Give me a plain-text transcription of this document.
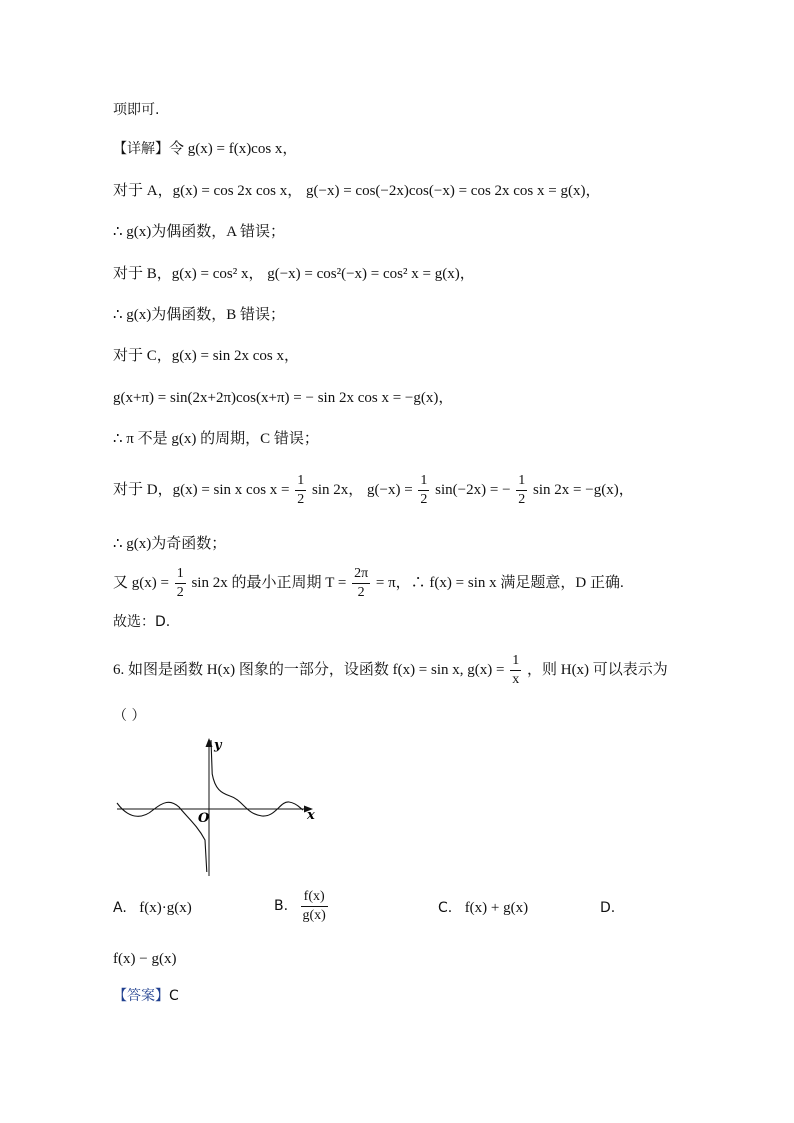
项即可.
【详解】令 g(x) = f(x)cos x，
对于 A，g(x) = cos 2x cos x， g(−x) = cos(−2x)cos(−x) = cos 2x cos x = g(x)，
∴ g(x)为偶函数，A 错误；
对于 B，g(x) = cos² x， g(−x) = cos²(−x) = cos² x = g(x)，
∴ g(x)为偶函数，B 错误；
对于 C，g(x) = sin 2x cos x，
g(x+π) = sin(2x+2π)cos(x+π) = − sin 2x cos x = −g(x)，
∴ π 不是 g(x) 的周期，C 错误；
对于 D，g(x) = sin x $\cos x = \frac{1}{2}$ sin 2x， $g(-x) = \frac{1}{2} \sin(-2x)$ = − $\frac{1}{2}$ sin 2x = −g(x)，
∴ g(x)为奇函数；
又 $g(x) = \frac{1}{2}$ sin 2x 的最小正周期 $T = \frac{2\pi}{2} = \pi$，∴ f(x) = sin x 满足题意，D 正确.
故选：D.
6. 如图是函数 H(x) 图象的一部分，设函数 f(x) = sin x, $g(x) = \frac{1}{x}$ ，则 H(x) 可以表示为
（ ）
y
x
O
A. f(x)·g(x)	B. $\frac{f(x)}{g(x)}$	C. f(x) + g(x)	D.
f(x) − g(x)
【答案】C
